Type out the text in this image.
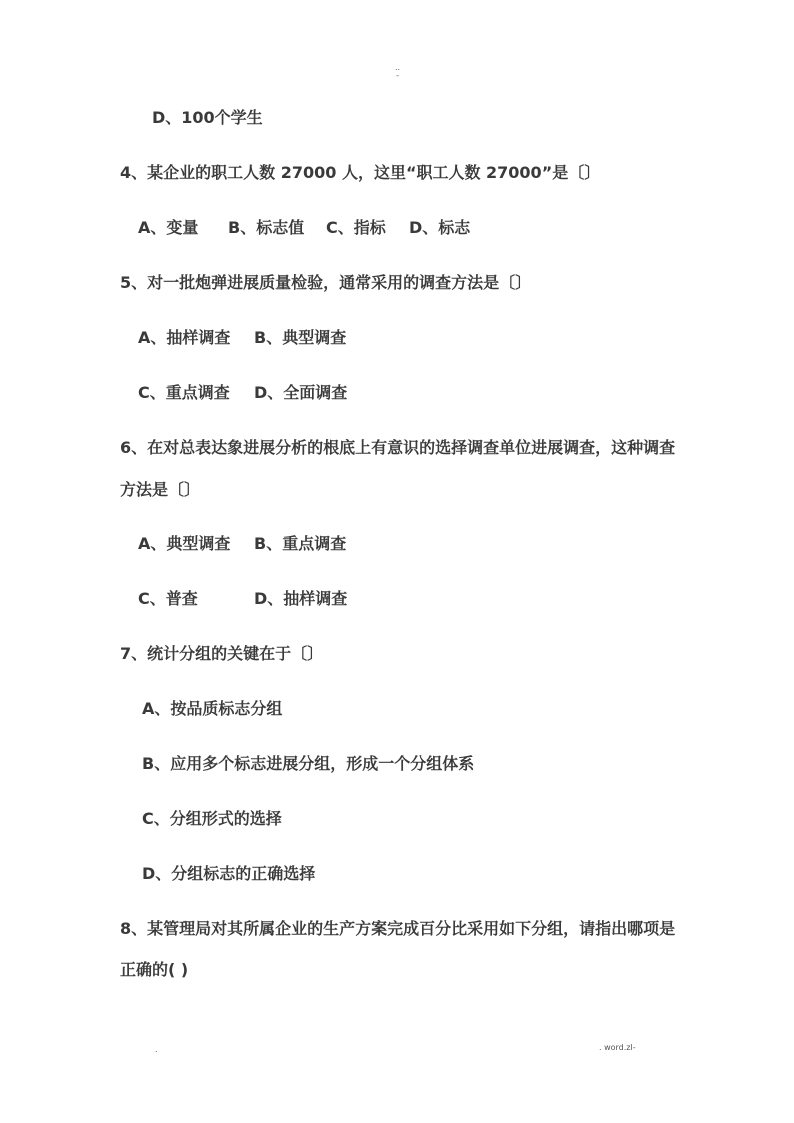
..
-
D、100个学生
4、某企业的职工人数 27000 人，这里“职工人数 27000”是〔〕
A、变量 B、标志值 C、指标 D、标志
5、对一批炮弹进展质量检验，通常采用的调查方法是〔〕
A、抽样调查 B、典型调查
C、重点调查 D、全面调查
6、在对总表达象进展分析的根底上有意识的选择调查单位进展调查，这种调查
方法是〔〕
A、典型调查 B、重点调查
C、普查	D、抽样调查
7、统计分组的关键在于〔〕
A、按品质标志分组
B、应用多个标志进展分组，形成一个分组体系
C、分组形式的选择
D、分组标志的正确选择
8、某管理局对其所属企业的生产方案完成百分比采用如下分组，请指出哪项是
正确的( )
.	. word.zl-
